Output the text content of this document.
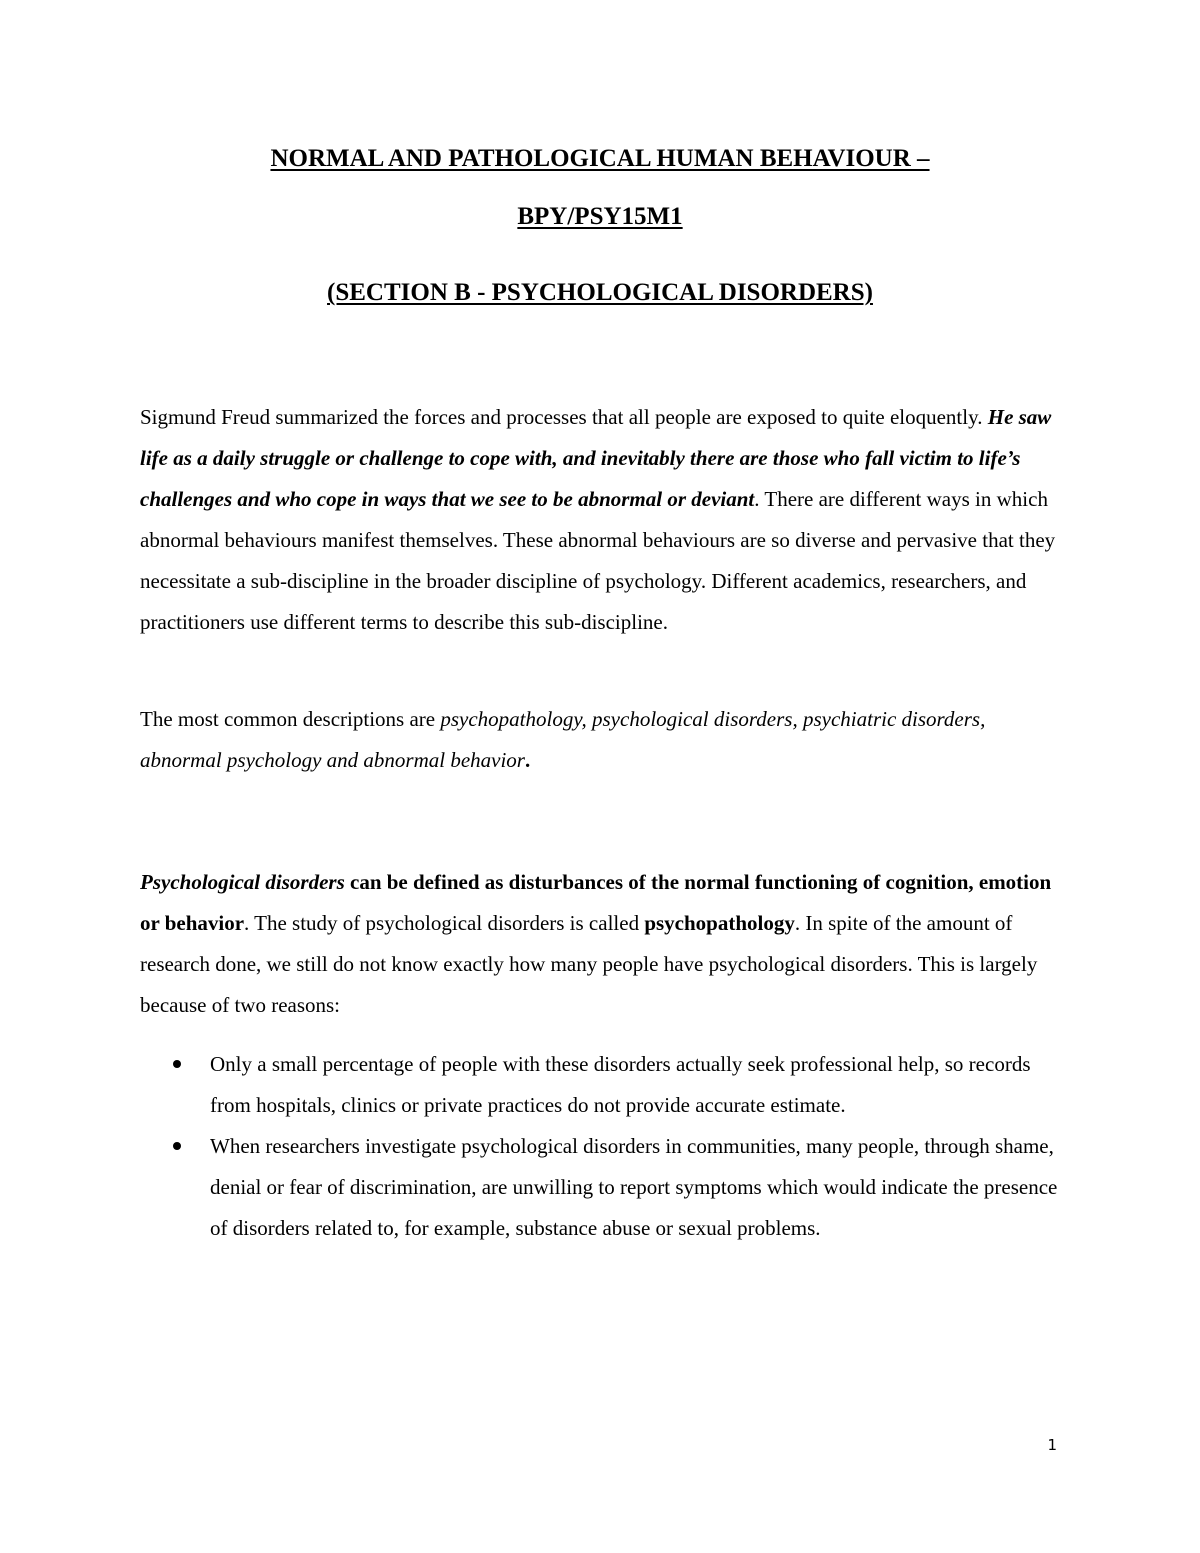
NORMAL AND PATHOLOGICAL HUMAN BEHAVIOUR –
BPY/PSY15M1
(SECTION B - PSYCHOLOGICAL DISORDERS)

Sigmund Freud summarized the forces and processes that all people are exposed to quite eloquently. He saw life as a daily struggle or challenge to cope with, and inevitably there are those who fall victim to life’s challenges and who cope in ways that we see to be abnormal or deviant. There are different ways in which abnormal behaviours manifest themselves. These abnormal behaviours are so diverse and pervasive that they necessitate a sub-discipline in the broader discipline of psychology. Different academics, researchers, and practitioners use different terms to describe this sub-discipline.

The most common descriptions are psychopathology, psychological disorders, psychiatric disorders, abnormal psychology and abnormal behavior.

Psychological disorders can be defined as disturbances of the normal functioning of cognition, emotion or behavior. The study of psychological disorders is called psychopathology. In spite of the amount of research done, we still do not know exactly how many people have psychological disorders. This is largely because of two reasons:

Only a small percentage of people with these disorders actually seek professional help, so records from hospitals, clinics or private practices do not provide accurate estimate.
When researchers investigate psychological disorders in communities, many people, through shame, denial or fear of discrimination, are unwilling to report symptoms which would indicate the presence of disorders related to, for example, substance abuse or sexual problems.
1
